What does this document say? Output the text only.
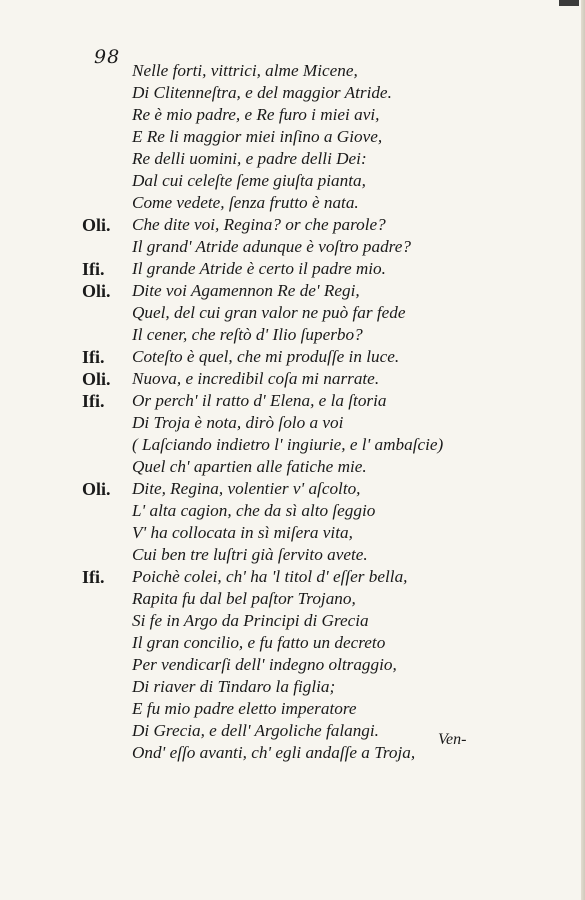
98
Nelle forti, vittrici, alme Micene,
Di Clitenneſtra, e del maggior Atride.
Re è mio padre, e Re furo i miei avi,
E Re li maggior miei inſino a Giove,
Re delli uomini, e padre delli Dei:
Dal cui celeſte ſeme giuſta pianta,
Come vedete, ſenza frutto è nata.
Oli. Che dite voi, Regina? or che parole?
Il grand' Atride adunque è voſtro padre?
Ifi. Il grande Atride è certo il padre mio.
Oli. Dite voi Agamennon Re de' Regi,
Quel, del cui gran valor ne può far fede
Il cener, che reſtò d' Ilio ſuperbo?
Ifi. Coteſto è quel, che mi produſſe in luce.
Oli. Nuova, e incredibil coſa mi narrate.
Ifi. Or perch' il ratto d' Elena, e la ſtoria
Di Troja è nota, dirò ſolo a voi
( Laſciando indietro l' ingiurie, e l' ambaſcie)
Quel ch' apartien alle fatiche mie.
Oli. Dite, Regina, volentier v' aſcolto,
L' alta cagion, che da sì alto ſeggio
V' ha collocata in sì miſera vita,
Cui ben tre luſtri già ſervito avete.
Ifi. Poichè colei, ch' ha 'l titol d' eſſer bella,
Rapita fu dal bel paſtor Trojano,
Si fe in Argo da Principi di Grecia
Il gran concilio, e fu fatto un decreto
Per vendicarſi dell' indegno oltraggio,
Di riaver di Tindaro la figlia;
E fu mio padre eletto imperatore
Di Grecia, e dell' Argoliche falangi.
Ond' eſſo avanti, ch' egli andaſſe a Troja,
Ven-
